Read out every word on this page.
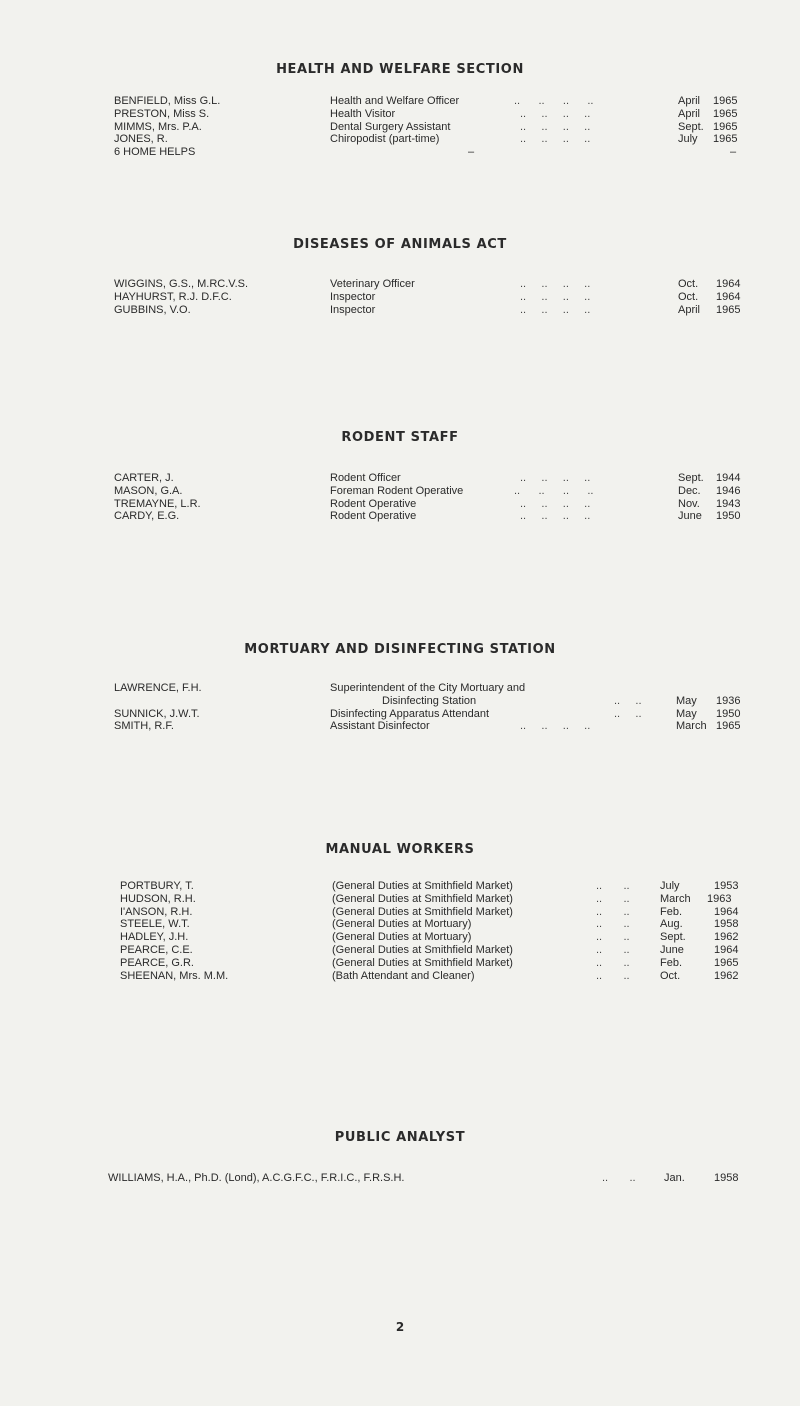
HEALTH AND WELFARE SECTION
BENFIELD, Miss G.L.	Health and Welfare Officer	..      ..      ..      ..	April 1965
PRESTON, Miss S.	Health Visitor	..     ..     ..     ..	April 1965
MIMMS, Mrs. P.A.	Dental Surgery Assistant	..     ..     ..     ..	Sept. 1965
JONES, R.	Chiropodist (part-time)	..     ..     ..     ..	July 1965
6 HOME HELPS	–	–
DISEASES OF ANIMALS ACT
WIGGINS, G.S., M.RC.V.S.	Veterinary Officer	..     ..     ..     ..	Oct. 1964
HAYHURST, R.J. D.F.C.	Inspector	..     ..     ..     ..	Oct. 1964
GUBBINS, V.O.	Inspector	..     ..     ..     ..	April 1965
RODENT STAFF
CARTER, J.	Rodent Officer	..     ..     ..     ..	Sept. 1944
MASON, G.A.	Foreman Rodent Operative	..      ..      ..      ..	Dec. 1946
TREMAYNE, L.R.	Rodent Operative	..     ..     ..     ..	Nov. 1943
CARDY, E.G.	Rodent Operative	..     ..     ..     ..	June 1950
MORTUARY AND DISINFECTING STATION
LAWRENCE, F.H.	Superintendent of the City Mortuary and
Disinfecting Station	..     ..	May 1936
SUNNICK, J.W.T.	Disinfecting Apparatus Attendant	..     ..	May 1950
SMITH, R.F.	Assistant Disinfector	..     ..     ..     ..	March 1965
MANUAL WORKERS
PORTBURY, T.	(General Duties at Smithfield Market)	..       ..	July	1953
HUDSON, R.H.	(General Duties at Smithfield Market)	..       ..	March 1963
I'ANSON, R.H.	(General Duties at Smithfield Market)	..       ..	Feb.	1964
STEELE, W.T.	(General Duties at Mortuary)	..       ..	Aug.	1958
HADLEY, J.H.	(General Duties at Mortuary)	..       ..	Sept.	1962
PEARCE, C.E.	(General Duties at Smithfield Market)	..       ..	June	1964
PEARCE, G.R.	(General Duties at Smithfield Market)	..       ..	Feb.	1965
SHEENAN, Mrs. M.M.	(Bath Attendant and Cleaner)	..       ..	Oct.	1962
PUBLIC ANALYST
WILLIAMS, H.A., Ph.D. (Lond), A.C.G.F.C., F.R.I.C., F.R.S.H.	..       ..	Jan.	1958
2
